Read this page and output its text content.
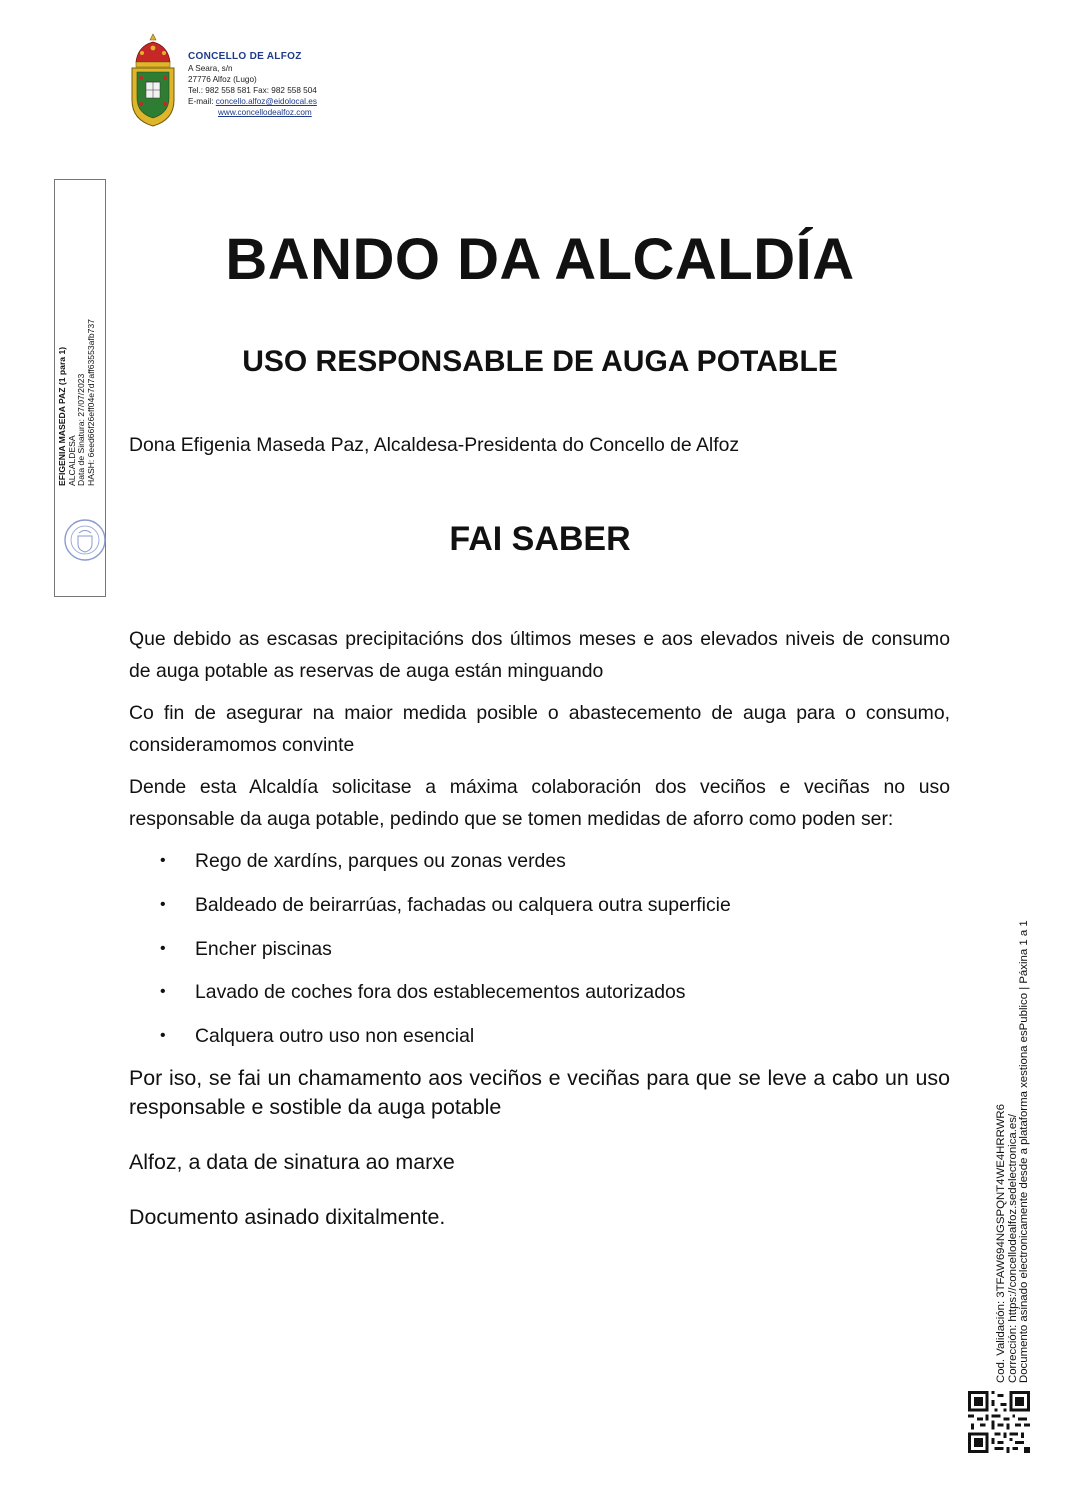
CONCELLO DE ALFOZ
A Seara, s/n
27776 Alfoz (Lugo)
Tel.: 982 558 581 Fax: 982 558 504
E-mail: concello.alfoz@eidolocal.es
www.concellodealfoz.com
EFIGENIA MASEDA PAZ (1 para 1) ALCALDESA Data de Sinatura: 27/07/2023 HASH: 6eed66f26eff04e7d7aff63553afb737
BANDO DA ALCALDÍA
USO RESPONSABLE DE AUGA POTABLE

Dona Efigenia Maseda Paz, Alcaldesa-Presidenta do Concello de Alfoz

FAI SABER

Que debido as escasas precipitacións dos últimos meses e aos elevados niveis de consumo de auga potable as reservas de auga están minguando

Co fin de asegurar na maior medida posible o abastecemento de auga para o consumo, consideramomos convinte

Dende esta Alcaldía solicitase a máxima colaboración dos veciños e veciñas no uso responsable da auga potable, pedindo que se tomen medidas de aforro como poden ser:

• Rego de xardíns, parques ou zonas verdes
• Baldeado de beirarrúas, fachadas ou calquera outra superficie
• Encher piscinas
• Lavado de coches fora dos establecementos autorizados
• Calquera outro uso non esencial

Por iso, se fai un chamamento aos veciños e veciñas para que se leve a cabo un uso responsable e sostible da auga potable

Alfoz, a data de sinatura ao marxe

Documento asinado dixitalmente.	Cod. Validación: 3TFAW694NGSPQNT4WE4HRRWR6 Corrección: https://concellodealfoz.sedelectronica.es/ Documento asinado electronicamente desde a plataforma xestiona esPublico | Páxina 1 a 1
